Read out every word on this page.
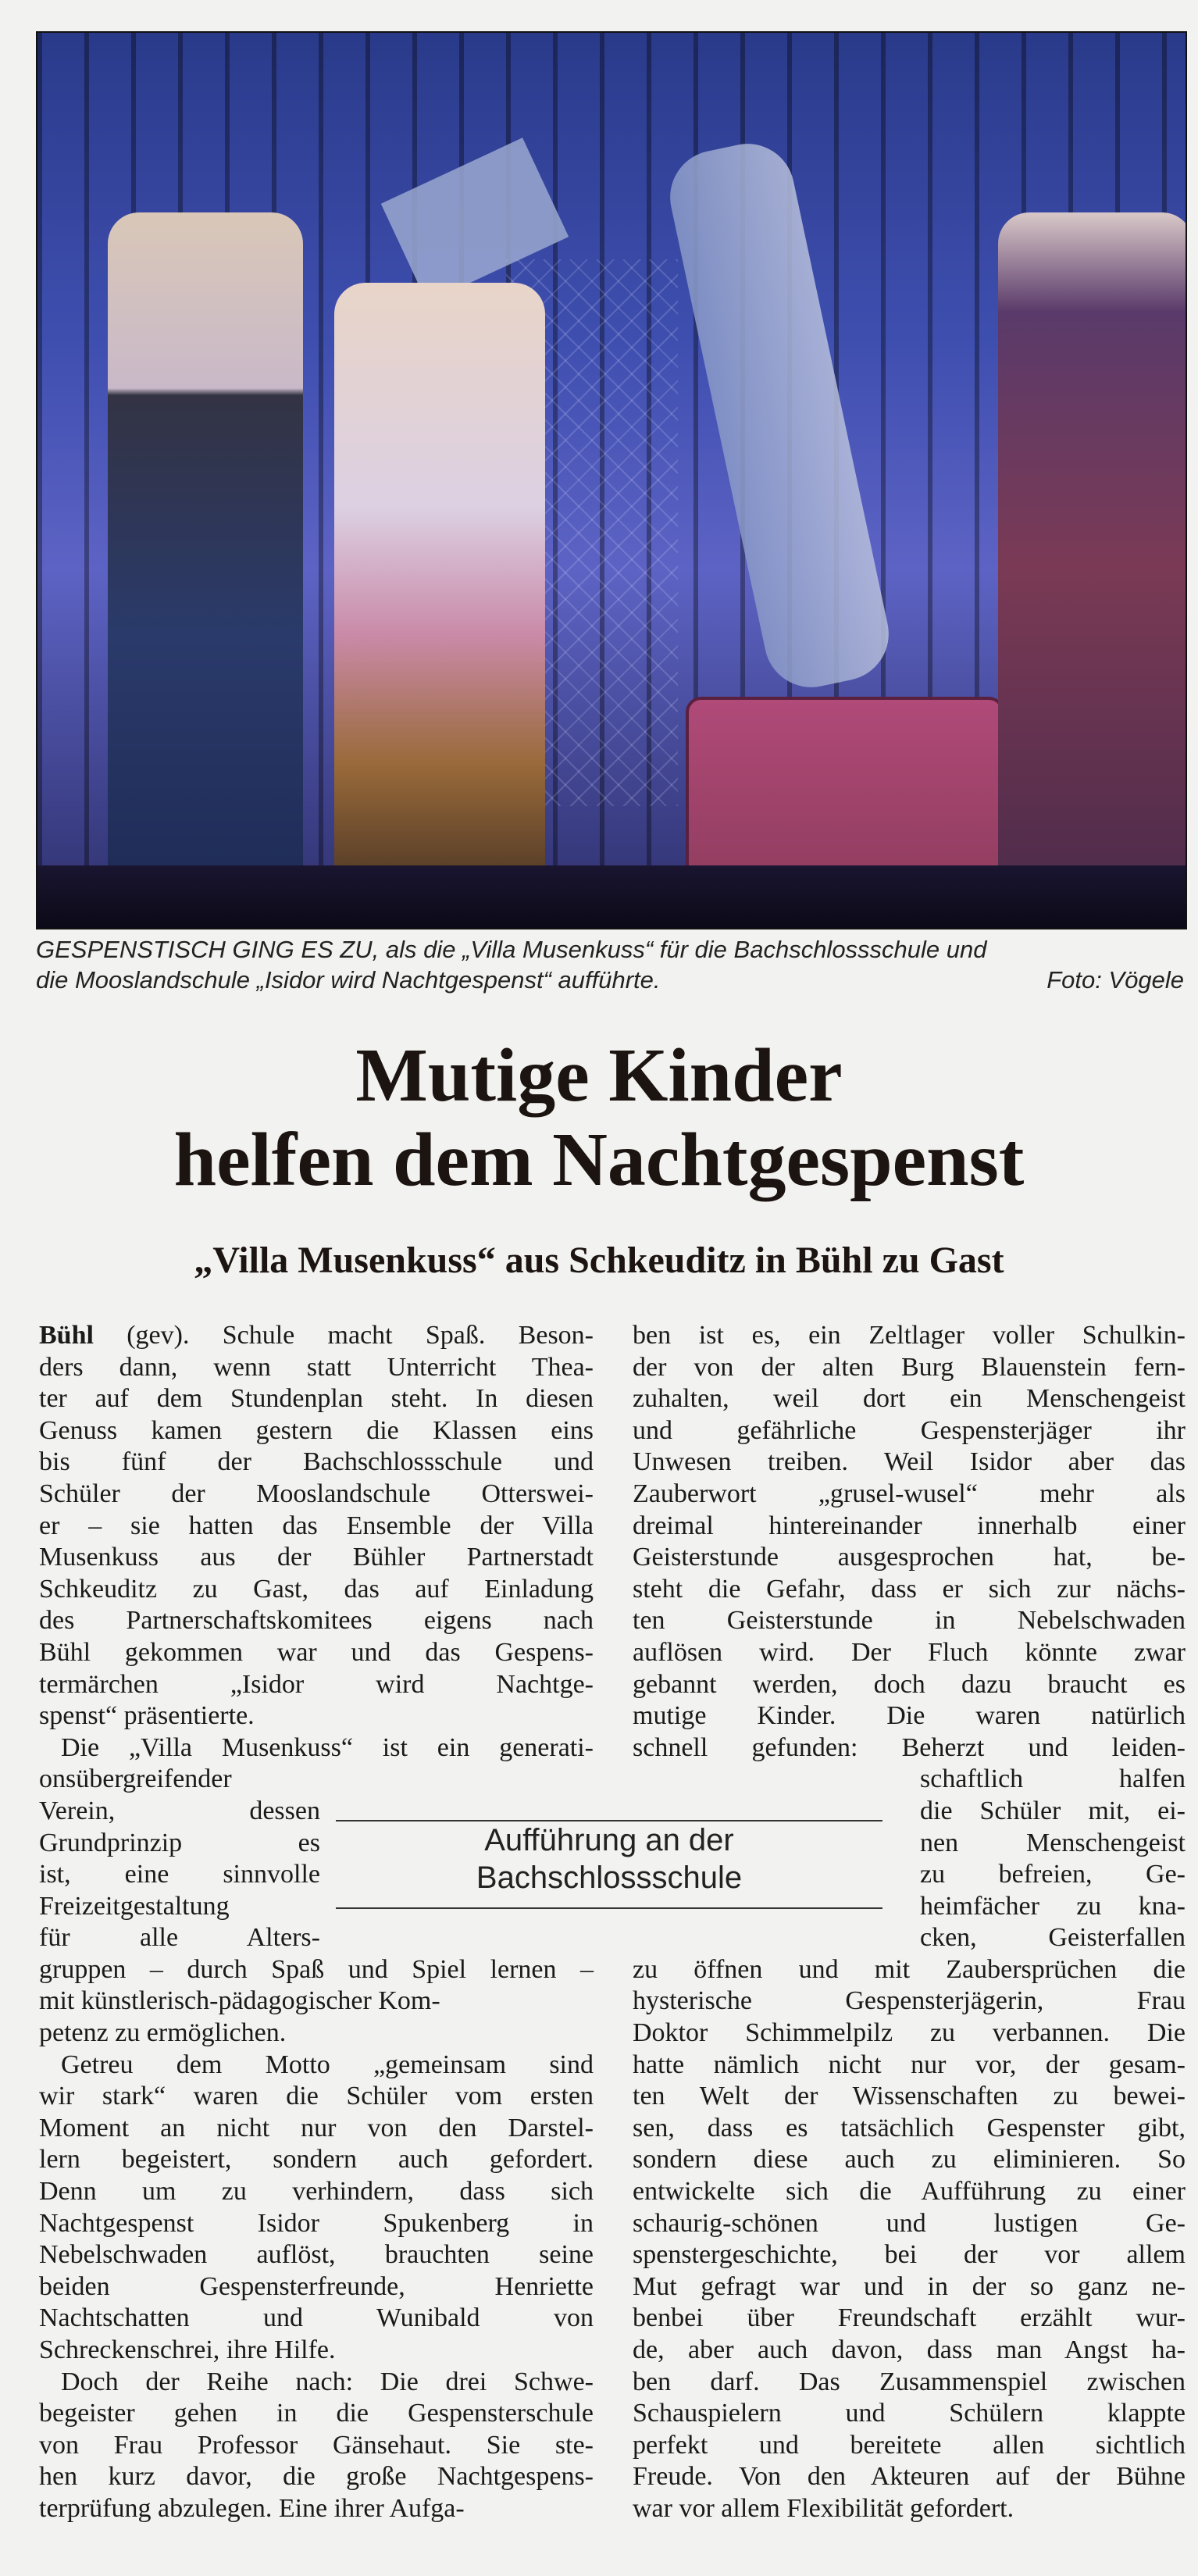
GESPENSTISCH GING ES ZU, als die „Villa Musenkuss“ für die Bachschlossschule und
die Mooslandschule „Isidor wird Nachtgespenst“ aufführte.	Foto: Vögele
Mutige Kinder
helfen dem Nachtgespenst
„Villa Musenkuss“ aus Schkeuditz in Bühl zu Gast
Bühl (gev). Schule macht Spaß. Beson-
ders dann, wenn statt Unterricht Thea-
ter auf dem Stundenplan steht. In diesen
Genuss kamen gestern die Klassen eins
bis fünf der Bachschlossschule und
Schüler der Mooslandschule Otterswei-
er – sie hatten das Ensemble der Villa
Musenkuss aus der Bühler Partnerstadt
Schkeuditz zu Gast, das auf Einladung
des Partnerschaftskomitees eigens nach
Bühl gekommen war und das Gespens-
termärchen „Isidor wird Nachtge-
spenst“ präsentierte.
Die „Villa Musenkuss“ ist ein generati-
onsübergreifender
Verein, dessen
Grundprinzip es
ist, eine sinnvolle
Freizeitgestaltung
für alle Alters-
gruppen – durch Spaß und Spiel lernen –
mit künstlerisch-pädagogischer Kom-
petenz zu ermöglichen.
Getreu dem Motto „gemeinsam sind
wir stark“ waren die Schüler vom ersten
Moment an nicht nur von den Darstel-
lern begeistert, sondern auch gefordert.
Denn um zu verhindern, dass sich
Nachtgespenst Isidor Spukenberg in
Nebelschwaden auflöst, brauchten seine
beiden Gespensterfreunde, Henriette
Nachtschatten und Wunibald von
Schreckenschrei, ihre Hilfe.
Doch der Reihe nach: Die drei Schwe-
begeister gehen in die Gespensterschule
von Frau Professor Gänsehaut. Sie ste-
hen kurz davor, die große Nachtgespens-
terprüfung abzulegen. Eine ihrer Aufga-
ben ist es, ein Zeltlager voller Schulkin-
der von der alten Burg Blauenstein fern-
zuhalten, weil dort ein Menschengeist
und gefährliche Gespensterjäger ihr
Unwesen treiben. Weil Isidor aber das
Zauberwort „grusel-wusel“ mehr als
dreimal hintereinander innerhalb einer
Geisterstunde ausgesprochen hat, be-
steht die Gefahr, dass er sich zur nächs-
ten Geisterstunde in Nebelschwaden
auflösen wird. Der Fluch könnte zwar
gebannt werden, doch dazu braucht es
mutige Kinder. Die waren natürlich
schnell gefunden: Beherzt und leiden-
schaftlich halfen
die Schüler mit, ei-
nen Menschengeist
zu befreien, Ge-
heimfächer zu kna-
cken, Geisterfallen
zu öffnen und mit Zaubersprüchen die
hysterische Gespensterjägerin, Frau
Doktor Schimmelpilz zu verbannen. Die
hatte nämlich nicht nur vor, der gesam-
ten Welt der Wissenschaften zu bewei-
sen, dass es tatsächlich Gespenster gibt,
sondern diese auch zu eliminieren. So
entwickelte sich die Aufführung zu einer
schaurig-schönen und lustigen Ge-
spenstergeschichte, bei der vor allem
Mut gefragt war und in der so ganz ne-
benbei über Freundschaft erzählt wur-
de, aber auch davon, dass man Angst ha-
ben darf. Das Zusammenspiel zwischen
Schauspielern und Schülern klappte
perfekt und bereitete allen sichtlich
Freude. Von den Akteuren auf der Bühne
war vor allem Flexibilität gefordert.
Aufführung an der
Bachschlossschule
